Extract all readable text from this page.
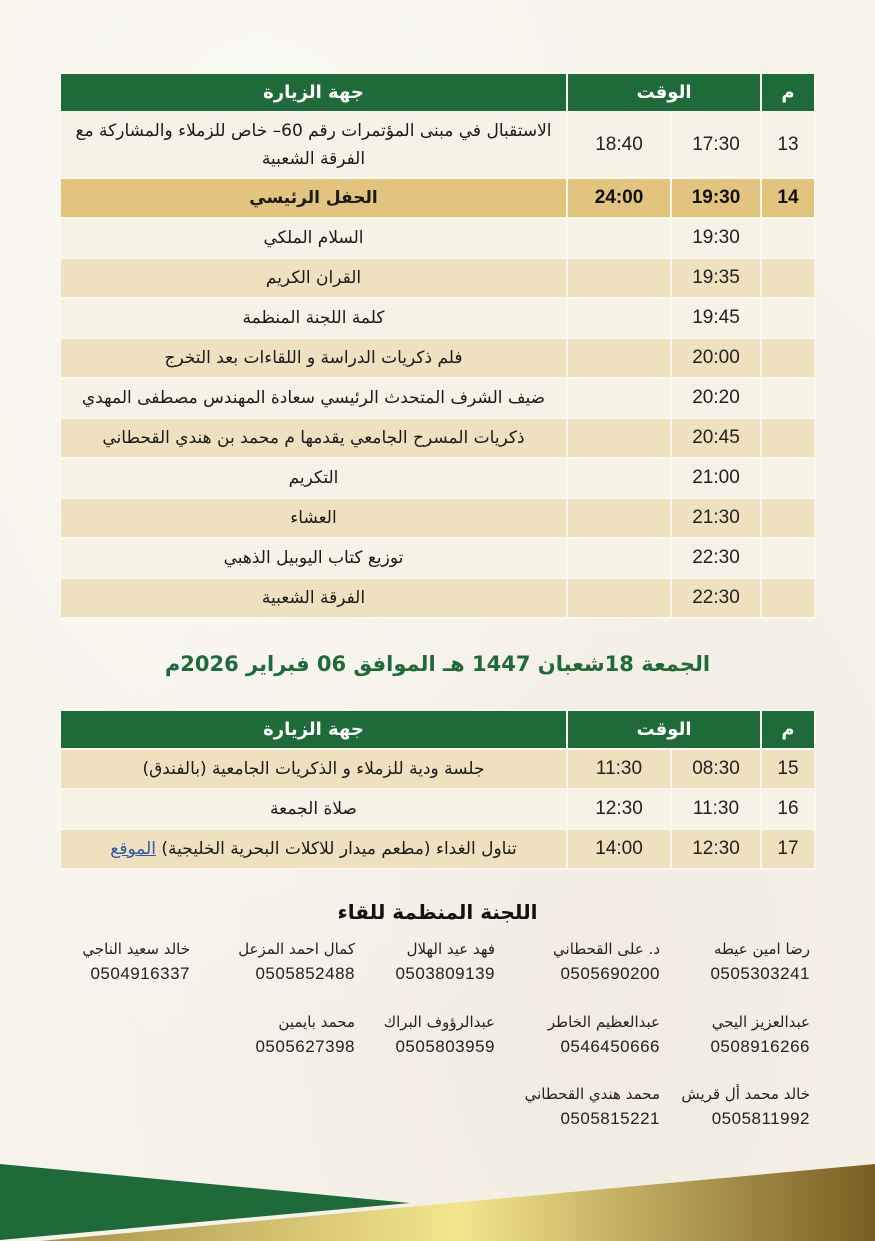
م	الوقت		جهة الزيارة
13	17:30	18:40	الاستقبال في مبنى المؤتمرات رقم 60– خاص للزملاء والمشاركة مع الفرقة الشعبية
14	19:30	24:00	الحفل الرئيسي
	19:30		السلام الملكي
	19:35		القران الكريم
	19:45		كلمة اللجنة المنظمة
	20:00		فلم ذكريات الدراسة و اللقاءات بعد التخرج
	20:20		ضيف الشرف المتحدث الرئيسي سعادة المهندس مصطفى المهدي
	20:45		ذكريات المسرح الجامعي يقدمها م محمد بن هندي القحطاني
	21:00		التكريم
	21:30		العشاء
	22:30		توزيع كتاب اليوبيل الذهبي
	22:30		الفرقة الشعبية
الجمعة 18شعبان 1447 هـ الموافق 06 فبراير 2026م
م	الوقت		جهة الزيارة
15	08:30	11:30	جلسة ودية للزملاء و الذكريات الجامعية (بالفندق)
16	11:30	12:30	صلاة الجمعة
17	12:30	14:00	تناول الغداء (مطعم ميدار للاكلات البحرية الخليجية) الموقع
اللجنة المنظمة للقاء
رضا امين عيطه
0505303241
د. على القحطاني
0505690200
فهد عيد الهلال
0503809139
كمال احمد المزعل
0505852488
خالد سعيد الناجي
0504916337
عبدالعزيز اليحي
0508916266
عبدالعظيم الخاطر
0546450666
عبدالرؤوف البراك
0505803959
محمد بايمين
0505627398
خالد محمد أل قريش
0505811992
محمد هندي القحطاني
0505815221
